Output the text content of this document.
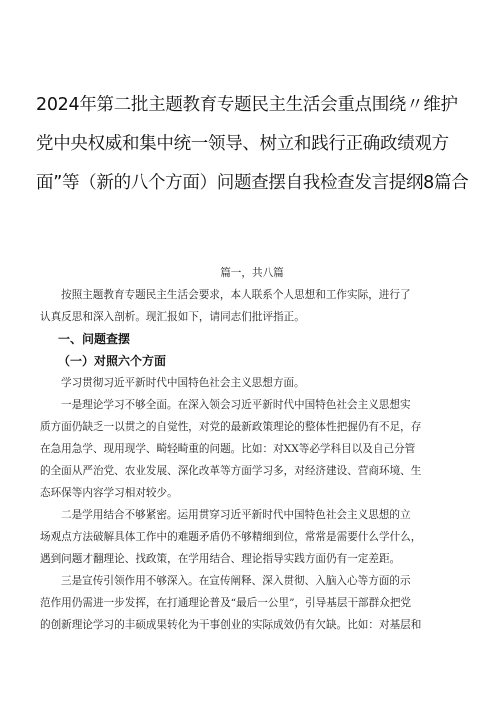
2024年第二批主题教育专题民主生活会重点围绕〃维护
党中央权威和集中统一领导、树立和践行正确政绩观方
面”等（新的八个方面）问题查摆自我检查发言提纲8篇合
篇一，共八篇
按照主题教育专题民主生活会要求，本人联系个人思想和工作实际，进行了
认真反思和深入剖析。现汇报如下，请同志们批评指正。
一、问题查摆
（一）对照六个方面
学习贯彻习近平新时代中国特色社会主义思想方面。
一是理论学习不够全面。在深入领会习近平新时代中国特色社会主义思想实
质方面仍缺乏一以贯之的自觉性，对党的最新政策理论的整体性把握仍有不足，存
在急用急学、现用现学、畸轻畸重的问题。比如：对XX等必学科目以及自己分管
的全面从严治党、农业发展、深化改革等方面学习多，对经济建设、营商环境、生
态环保等内容学习相对较少。
二是学用结合不够紧密。运用贯穿习近平新时代中国特色社会主义思想的立
场观点方法破解具体工作中的难题矛盾仍不够精细到位，常常是需要什么学什么，
遇到问题才翻理论、找政策，在学用结合、理论指导实践方面仍有一定差距。
三是宣传引领作用不够深入。在宣传阐释、深入贯彻、入脑入心等方面的示
范作用仍需进一步发挥，在打通理论普及“最后一公里”，引导基层干部群众把党
的创新理论学习的丰硕成果转化为干事创业的实际成效仍有欠缺。比如：对基层和
